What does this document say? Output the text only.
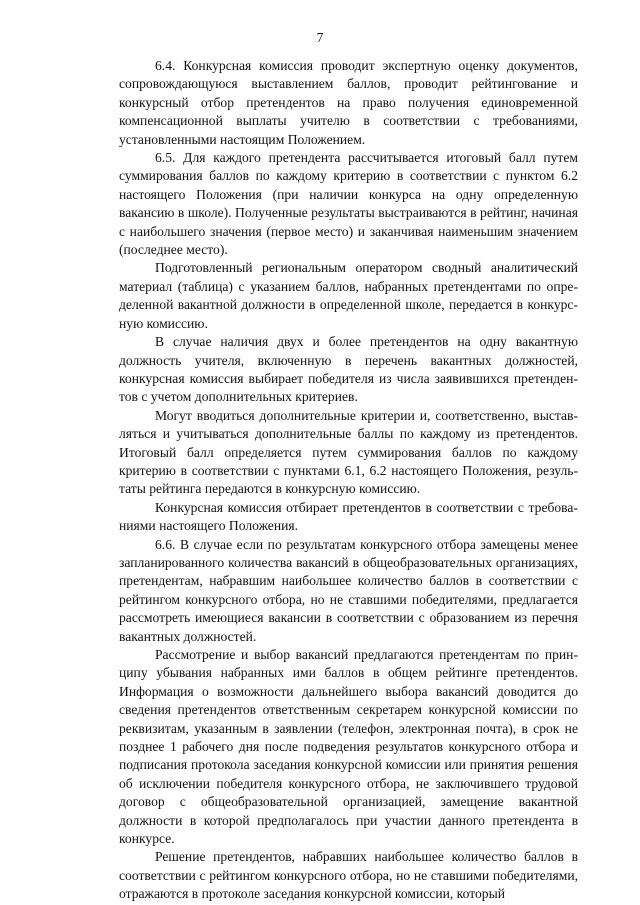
7

6.4. Конкурсная комиссия проводит экспертную оценку документов, сопровождающуюся выставлением баллов, проводит рейтингование и конкурсный отбор претендентов на право получения единовременной компенсационной выплаты учителю в соответствии с требованиями, установленными настоящим Положением.

6.5. Для каждого претендента рассчитывается итоговый балл путем суммирования баллов по каждому критерию в соответствии с пунктом 6.2 настоящего Положения (при наличии конкурса на одну определенную вакансию в школе). Полученные результаты выстраиваются в рейтинг, начиная с наибольшего значения (первое место) и заканчивая наименьшим значением (последнее место).

Подготовленный региональным оператором сводный аналитический материал (таблица) с указанием баллов, набранных претендентами по определенной вакантной должности в определенной школе, передается в конкурсную комиссию.

В случае наличия двух и более претендентов на одну вакантную должность учителя, включенную в перечень вакантных должностей, конкурсная комиссия выбирает победителя из числа заявившихся претендентов с учетом дополнительных критериев.

Могут вводиться дополнительные критерии и, соответственно, выставляться и учитываться дополнительные баллы по каждому из претендентов. Итоговый балл определяется путем суммирования баллов по каждому критерию в соответствии с пунктами 6.1, 6.2 настоящего Положения, результаты рейтинга передаются в конкурсную комиссию.

Конкурсная комиссия отбирает претендентов в соответствии с требованиями настоящего Положения.

6.6. В случае если по результатам конкурсного отбора замещены менее запланированного количества вакансий в общеобразовательных организациях, претендентам, набравшим наибольшее количество баллов в соответствии с рейтингом конкурсного отбора, но не ставшими победителями, предлагается рассмотреть имеющиеся вакансии в соответствии с образованием из перечня вакантных должностей.

Рассмотрение и выбор вакансий предлагаются претендентам по принципу убывания набранных ими баллов в общем рейтинге претендентов. Информация о возможности дальнейшего выбора вакансий доводится до сведения претендентов ответственным секретарем конкурсной комиссии по реквизитам, указанным в заявлении (телефон, электронная почта), в срок не позднее 1 рабочего дня после подведения результатов конкурсного отбора и подписания протокола заседания конкурсной комиссии или принятия решения об исключении победителя конкурсного отбора, не заключившего трудовой договор с общеобразовательной организацией, замещение вакантной должности в которой предполагалось при участии данного претендента в конкурсе.

Решение претендентов, набравших наибольшее количество баллов в соответствии с рейтингом конкурсного отбора, но не ставшими победителями, отражаются в протоколе заседания конкурсной комиссии, который
